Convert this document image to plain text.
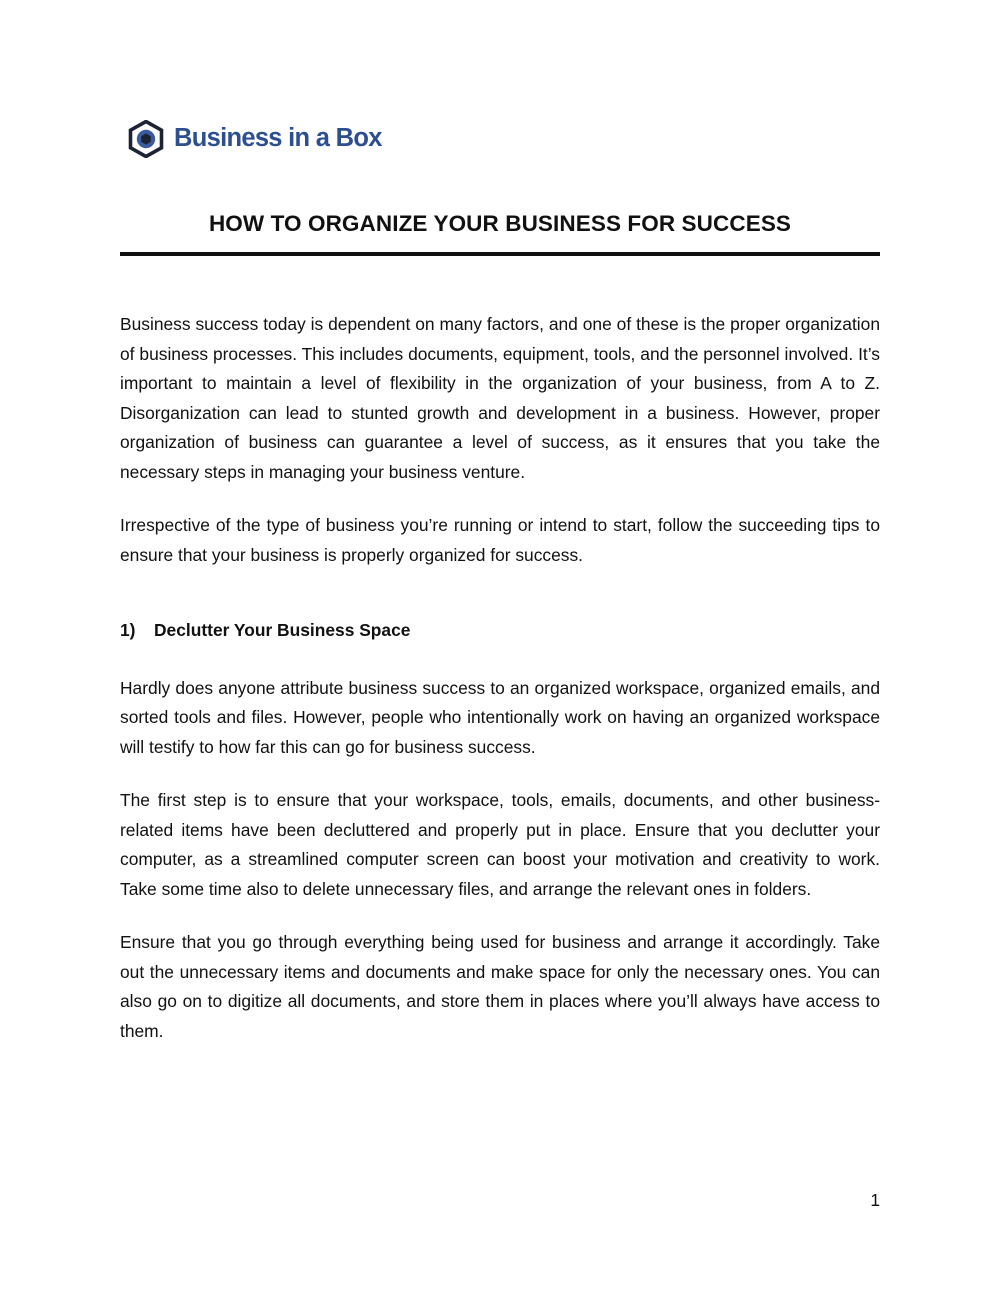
Business in a Box
HOW TO ORGANIZE YOUR BUSINESS FOR SUCCESS

Business success today is dependent on many factors, and one of these is the proper organization of business processes. This includes documents, equipment, tools, and the personnel involved. It’s important to maintain a level of flexibility in the organization of your business, from A to Z. Disorganization can lead to stunted growth and development in a business. However, proper organization of business can guarantee a level of success, as it ensures that you take the necessary steps in managing your business venture.

Irrespective of the type of business you’re running or intend to start, follow the succeeding tips to ensure that your business is properly organized for success.

1)	Declutter Your Business Space

Hardly does anyone attribute business success to an organized workspace, organized emails, and sorted tools and files. However, people who intentionally work on having an organized workspace will testify to how far this can go for business success.

The first step is to ensure that your workspace, tools, emails, documents, and other business-related items have been decluttered and properly put in place. Ensure that you declutter your computer, as a streamlined computer screen can boost your motivation and creativity to work. Take some time also to delete unnecessary files, and arrange the relevant ones in folders.

Ensure that you go through everything being used for business and arrange it accordingly. Take out the unnecessary items and documents and make space for only the necessary ones. You can also go on to digitize all documents, and store them in places where you’ll always have access to them.

1
